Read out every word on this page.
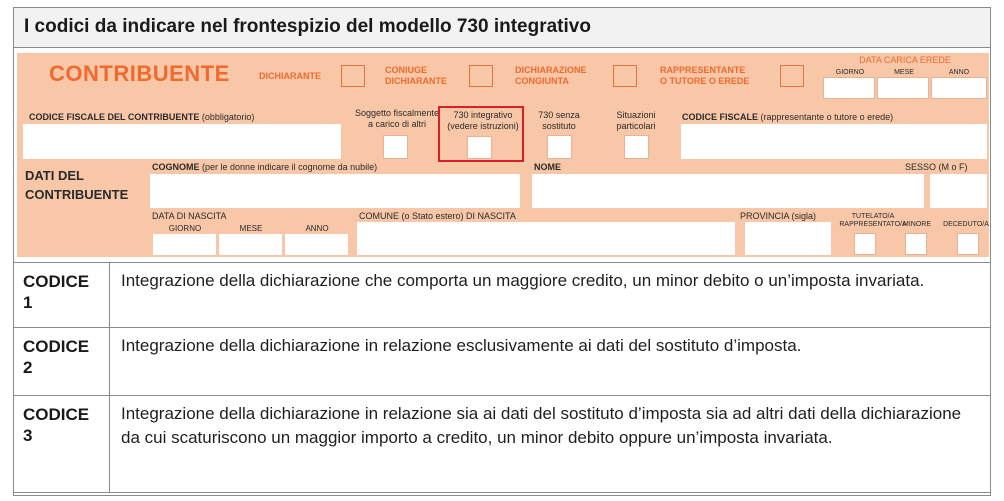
I codici da indicare nel frontespizio del modello 730 integrativo
CONTRIBUENTE	DICHIARANTE
CONIUGE
DICHIARANTE
DICHIARAZIONE
CONGIUNTA
RAPPRESENTANTE
O TUTORE O EREDE
DATA CARICA EREDE
GIORNO	MESE	ANNO
CODICE FISCALE DEL CONTRIBUENTE (obbligatorio)	Soggetto fiscalmente
a carico di altri
730 integrativo
(vedere istruzioni)
730 senza
sostituto
Situazioni
particolari
CODICE FISCALE (rappresentante o tutore o erede)
DATI DEL
CONTRIBUENTE
COGNOME (per le donne indicare il cognome da nubile)	NOME	SESSO (M o F)
DATA DI NASCITA
GIORNO	MESE	ANNO
COMUNE (o Stato estero) DI NASCITA	PROVINCIA (sigla)	TUTELATO/A
RAPPRESENTATO/A
MINORE	DECEDUTO/A
CODICE
1
Integrazione della dichiarazione che comporta un maggiore credito, un minor debito o un’imposta invariata.
CODICE
2
Integrazione della dichiarazione in relazione esclusivamente ai dati del sostituto d’imposta.
CODICE
3
Integrazione della dichiarazione in relazione sia ai dati del sostituto d’imposta sia ad altri dati della dichiarazione da cui scaturiscono un maggior importo a credito, un minor debito oppure un’imposta invariata.
